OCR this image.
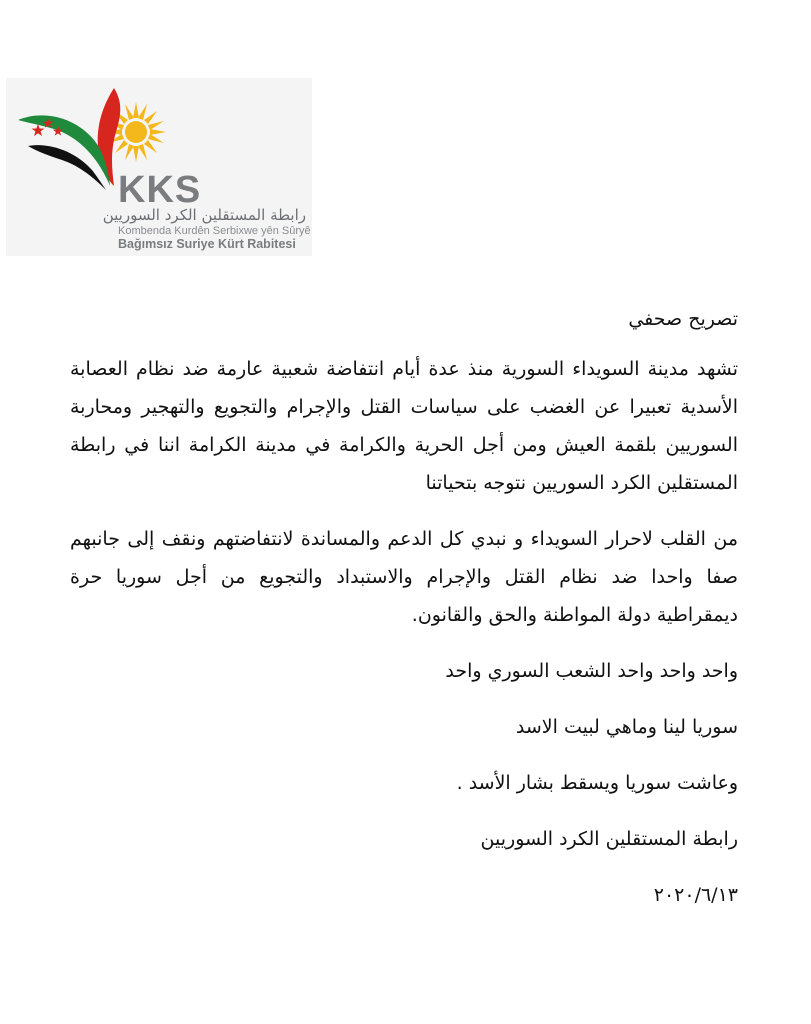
KKS
رابطة المستقلين الكرد السوريين
Kombenda Kurdên Serbixwe yên Sûryê
Bağımsız Suriye Kürt Rabitesi

تصريح صحفي

تشهد مدينة السويداء السورية منذ عدة أيام انتفاضة شعبية عارمة ضد نظام العصابة الأسدية تعبيرا عن الغضب على سياسات القتل والإجرام والتجويع والتهجير ومحاربة السوريين بلقمة العيش ومن أجل الحرية والكرامة في مدينة الكرامة اننا في رابطة المستقلين الكرد السوريين نتوجه بتحياتنا

من القلب لاحرار السويداء و نبدي كل الدعم والمساندة لانتفاضتهم ونقف إلى جانبهم صفا واحدا ضد نظام القتل والإجرام والاستبداد والتجويع من أجل سوريا حرة ديمقراطية دولة المواطنة والحق والقانون.

واحد واحد واحد الشعب السوري واحد

سوريا لينا وماهي لبيت الاسد

وعاشت سوريا ويسقط بشار الأسد .

رابطة المستقلين الكرد السوريين

٢٠٢٠/٦/١٣
